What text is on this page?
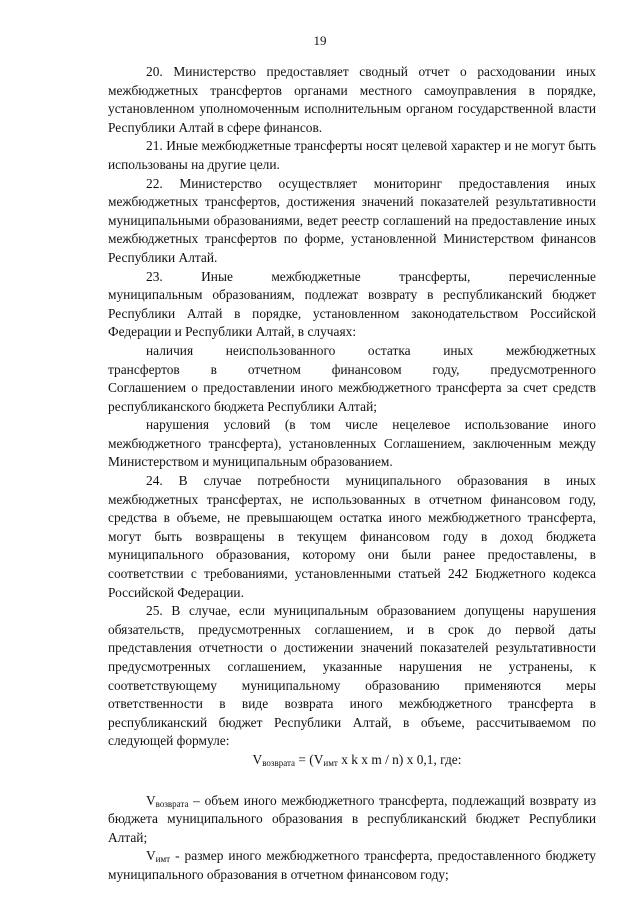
19

20. Министерство предоставляет сводный отчет о расходовании иных межбюджетных трансфертов органами местного самоуправления в порядке, установленном уполномоченным исполнительным органом государственной власти Республики Алтай в сфере финансов.

21. Иные межбюджетные трансферты носят целевой характер и не могут быть использованы на другие цели.

22. Министерство осуществляет мониторинг предоставления иных межбюджетных трансфертов, достижения значений показателей результативности муниципальными образованиями, ведет реестр соглашений на предоставление иных межбюджетных трансфертов по форме, установленной Министерством финансов Республики Алтай.

23.	Иные	межбюджетные	трансферты,	перечисленные

муниципальным образованиям, подлежат возврату в республиканский бюджет Республики Алтай в порядке, установленном законодательством Российской Федерации и Республики Алтай, в случаях:

наличия неиспользованного остатка иных межбюджетных
трансфертов в отчетном финансовом году, предусмотренного

Соглашением о предоставлении иного межбюджетного трансферта за счет средств республиканского бюджета Республики Алтай;

нарушения условий (в том числе нецелевое использование иного межбюджетного трансферта), установленных Соглашением, заключенным между Министерством и муниципальным образованием.

24. В случае потребности муниципального образования в иных межбюджетных трансфертах, не использованных в отчетном финансовом году, средства в объеме, не превышающем остатка иного межбюджетного трансферта, могут быть возвращены в текущем финансовом году в доход бюджета муниципального образования, которому они были ранее предоставлены, в соответствии с требованиями, установленными статьей 242 Бюджетного кодекса Российской Федерации.

25. В случае, если муниципальным образованием допущены нарушения обязательств, предусмотренных соглашением, и в срок до первой даты представления отчетности о достижении значений показателей результативности предусмотренных соглашением, указанные нарушения не устранены, к соответствующему муниципальному образованию применяются меры ответственности в виде возврата иного межбюджетного трансферта в республиканский бюджет Республики Алтай, в объеме, рассчитываемом по следующей формуле:

$V_{возврата} = (V_{имт}$ x k x m / n) x 0,1, где:

$V_{возврата}$ – объем иного межбюджетного трансферта, подлежащий возврату из бюджета муниципального образования в республиканский бюджет Республики Алтай;

$V_{имт}$ - размер иного межбюджетного трансферта, предоставленного бюджету муниципального образования в отчетном финансовом году;
